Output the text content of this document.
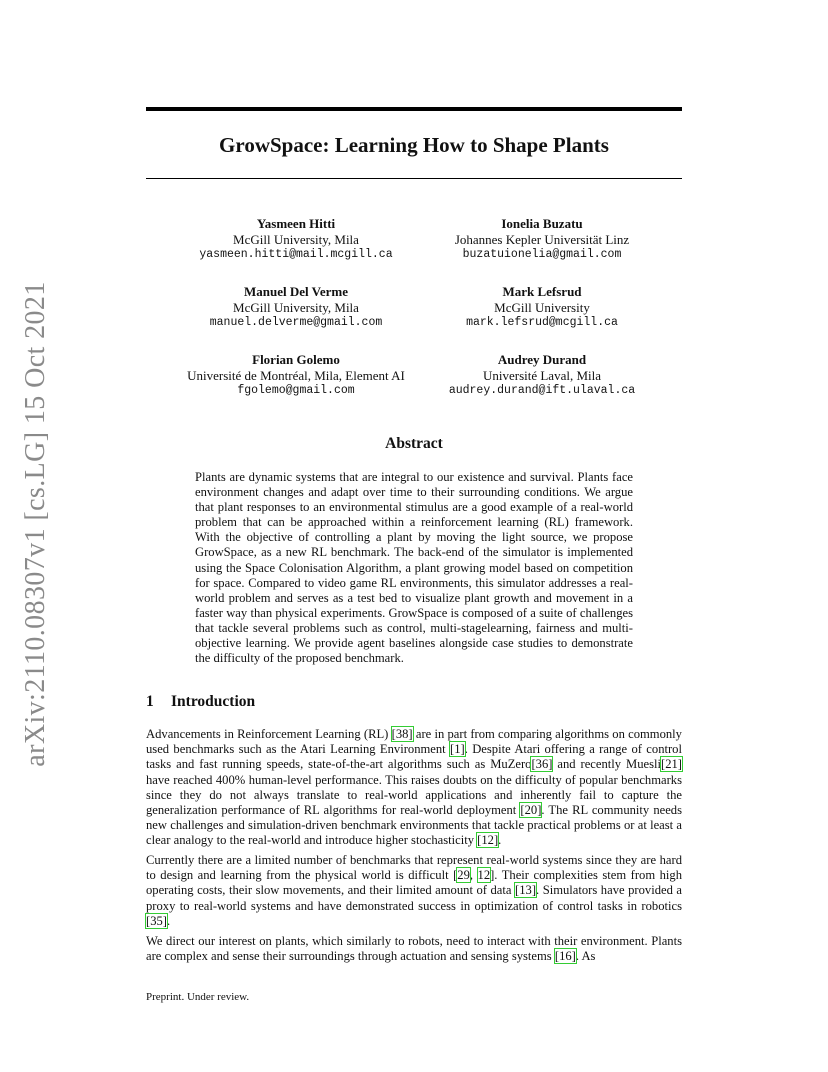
arXiv:2110.08307v1 [cs.LG] 15 Oct 2021
GrowSpace: Learning How to Shape Plants
Yasmeen Hitti
McGill University, Mila
yasmeen.hitti@mail.mcgill.ca
Ionelia Buzatu
Johannes Kepler Universität Linz
buzatuionelia@gmail.com
Manuel Del Verme
McGill University, Mila
manuel.delverme@gmail.com
Mark Lefsrud
McGill University
mark.lefsrud@mcgill.ca
Florian Golemo
Université de Montréal, Mila, Element AI
fgolemo@gmail.com
Audrey Durand
Université Laval, Mila
audrey.durand@ift.ulaval.ca
Abstract
Plants are dynamic systems that are integral to our existence and survival. Plants face environment changes and adapt over time to their surrounding conditions. We argue that plant responses to an environmental stimulus are a good example of a real-world problem that can be approached within a reinforcement learning (RL) framework. With the objective of controlling a plant by moving the light source, we propose GrowSpace, as a new RL benchmark. The back-end of the simulator is implemented using the Space Colonisation Algorithm, a plant growing model based on competition for space. Compared to video game RL environments, this simulator addresses a real-world problem and serves as a test bed to visualize plant growth and movement in a faster way than physical experiments. GrowSpace is composed of a suite of challenges that tackle several problems such as control, multi-stagelearning, fairness and multi-objective learning. We provide agent baselines alongside case studies to demonstrate the difficulty of the proposed benchmark.
1 Introduction
Advancements in Reinforcement Learning (RL) [38] are in part from comparing algorithms on commonly used benchmarks such as the Atari Learning Environment [1]. Despite Atari offering a range of control tasks and fast running speeds, state-of-the-art algorithms such as MuZero[36] and recently Muesli[21] have reached 400% human-level performance. This raises doubts on the difficulty of popular benchmarks since they do not always translate to real-world applications and inherently fail to capture the generalization performance of RL algorithms for real-world deployment [20]. The RL community needs new challenges and simulation-driven benchmark environments that tackle practical problems or at least a clear analogy to the real-world and introduce higher stochasticity [12].
Currently there are a limited number of benchmarks that represent real-world systems since they are hard to design and learning from the physical world is difficult [29, 12]. Their complexities stem from high operating costs, their slow movements, and their limited amount of data [13]. Simulators have provided a proxy to real-world systems and have demonstrated success in optimization of control tasks in robotics [35].
We direct our interest on plants, which similarly to robots, need to interact with their environment. Plants are complex and sense their surroundings through actuation and sensing systems [16]. As
Preprint. Under review.
